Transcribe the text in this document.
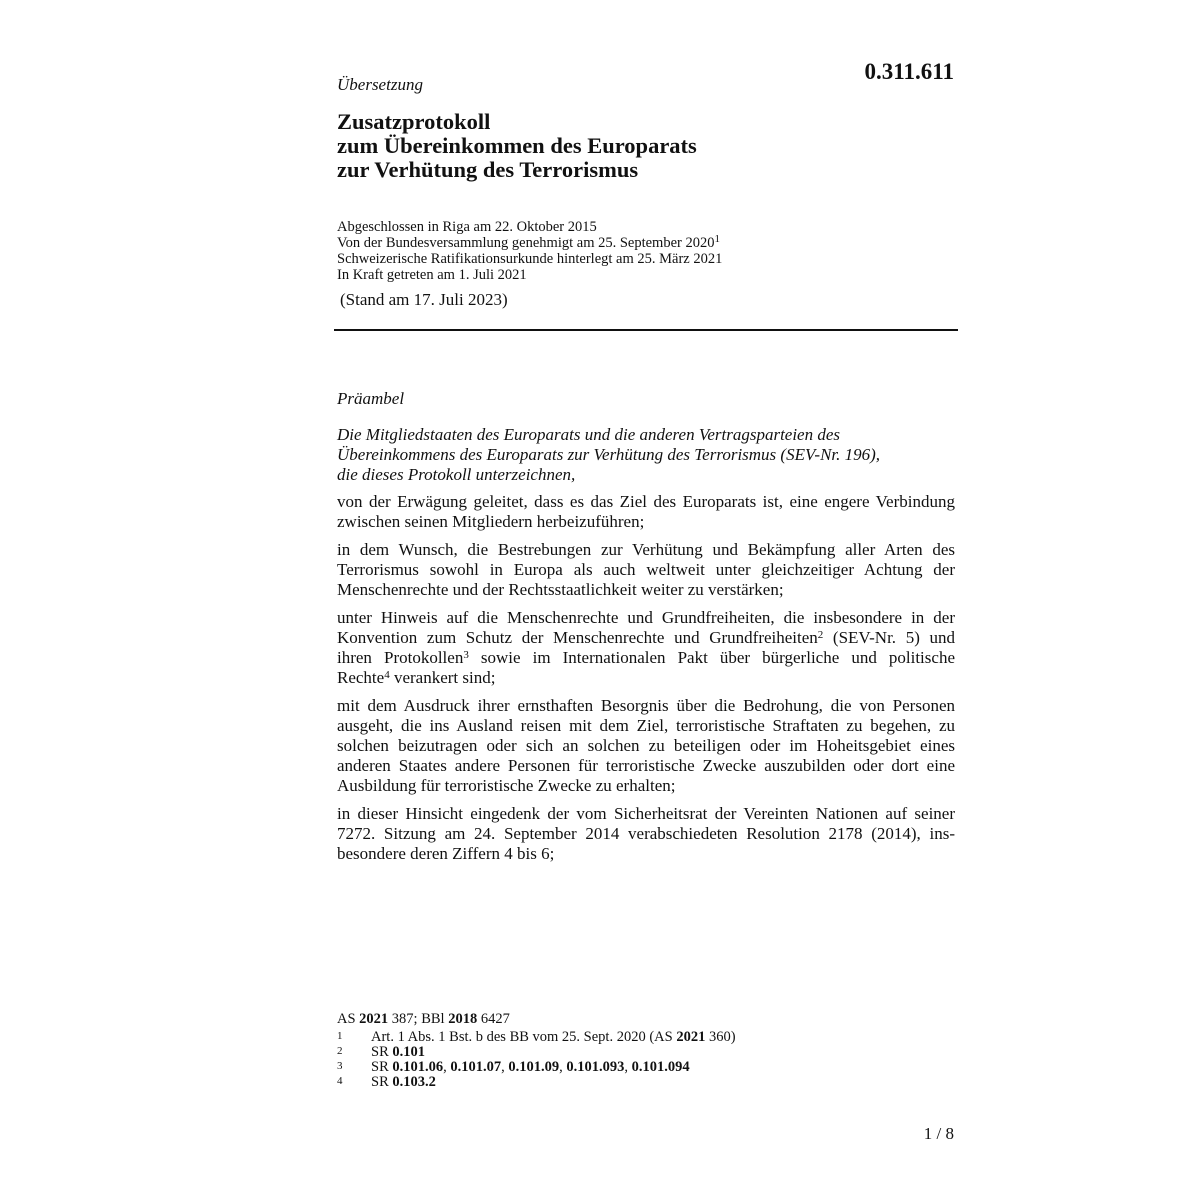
0.311.611
Übersetzung
Zusatzprotokoll
zum Übereinkommen des Europarats
zur Verhütung des Terrorismus
Abgeschlossen in Riga am 22. Oktober 2015
Von der Bundesversammlung genehmigt am 25. September 2020$^1$
Schweizerische Ratifikationsurkunde hinterlegt am 25. März 2021
In Kraft getreten am 1. Juli 2021
(Stand am 17. Juli 2023)
Präambel
Die Mitgliedstaaten des Europarats und die anderen Vertragsparteien des
Übereinkommens des Europarats zur Verhütung des Terrorismus (SEV-Nr. 196),
die dieses Protokoll unterzeichnen,
von der Erwägung geleitet, dass es das Ziel des Europarats ist, eine engere Verbindung
zwischen seinen Mitgliedern herbeizuführen;
in dem Wunsch, die Bestrebungen zur Verhütung und Bekämpfung aller Arten des
Terrorismus sowohl in Europa als auch weltweit unter gleichzeitiger Achtung der
Menschenrechte und der Rechtsstaatlichkeit weiter zu verstärken;
unter Hinweis auf die Menschenrechte und Grundfreiheiten, die insbesondere in der
Konvention zum Schutz der Menschenrechte und Grundfreiheiten$^2$ (SEV-Nr. 5) und
ihren Protokollen$^3$ sowie im Internationalen Pakt über bürgerliche und politische
Rechte$^4$ verankert sind;
mit dem Ausdruck ihrer ernsthaften Besorgnis über die Bedrohung, die von Personen
ausgeht, die ins Ausland reisen mit dem Ziel, terroristische Straftaten zu begehen, zu
solchen beizutragen oder sich an solchen zu beteiligen oder im Hoheitsgebiet eines
anderen Staates andere Personen für terroristische Zwecke auszubilden oder dort eine
Ausbildung für terroristische Zwecke zu erhalten;
in dieser Hinsicht eingedenk der vom Sicherheitsrat der Vereinten Nationen auf seiner
7272. Sitzung am 24. September 2014 verabschiedeten Resolution 2178 (2014), ins-
besondere deren Ziffern 4 bis 6;
AS 2021 387; BBl 2018 6427
1	Art. 1 Abs. 1 Bst. b des BB vom 25. Sept. 2020 (AS 2021 360)
2	SR 0.101
3	SR 0.101.06, 0.101.07, 0.101.09, 0.101.093, 0.101.094
4	SR 0.103.2
1 / 8
